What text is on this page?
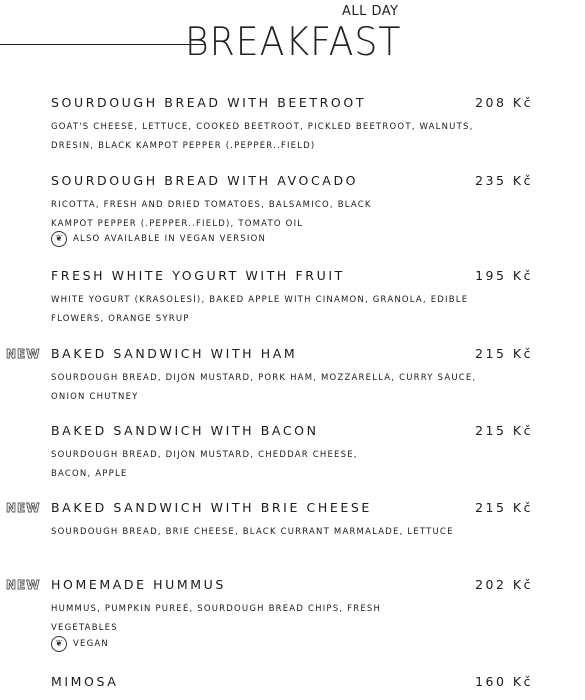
ALL DAY
BREAKFAST
SOURDOUGH BREAD WITH BEETROOT	208 Kč
GOAT'S CHEESE, LETTUCE, COOKED BEETROOT, PICKLED BEETROOT, WALNUTS, DRESIN, BLACK KAMPOT PEPPER (.PEPPER..FIELD)
SOURDOUGH BREAD WITH AVOCADO	235 Kč
RICOTTA, FRESH AND DRIED TOMATOES, BALSAMICO, BLACK KAMPOT PEPPER (.PEPPER..FIELD), TOMATO OIL
❦	ALSO AVAILABLE IN VEGAN VERSION
FRESH WHITE YOGURT WITH FRUIT	195 Kč
WHITE YOGURT (KRASOLESÍ), BAKED APPLE WITH CINAMON, GRANOLA, EDIBLE FLOWERS, ORANGE SYRUP
NEW BAKED SANDWICH WITH HAM	215 Kč
SOURDOUGH BREAD, DIJON MUSTARD, PORK HAM, MOZZARELLA, CURRY SAUCE, ONION CHUTNEY
BAKED SANDWICH WITH BACON	215 Kč
SOURDOUGH BREAD, DIJON MUSTARD, CHEDDAR CHEESE, BACON, APPLE
NEW BAKED SANDWICH WITH BRIE CHEESE	215 Kč
SOURDOUGH BREAD, BRIE CHEESE, BLACK CURRANT MARMALADE, LETTUCE
NEW HOMEMADE HUMMUS	202 Kč
HUMMUS, PUMPKIN PUREÉ, SOURDOUGH BREAD CHIPS, FRESH VEGETABLES
❦	VEGAN
MIMOSA	160 Kč
